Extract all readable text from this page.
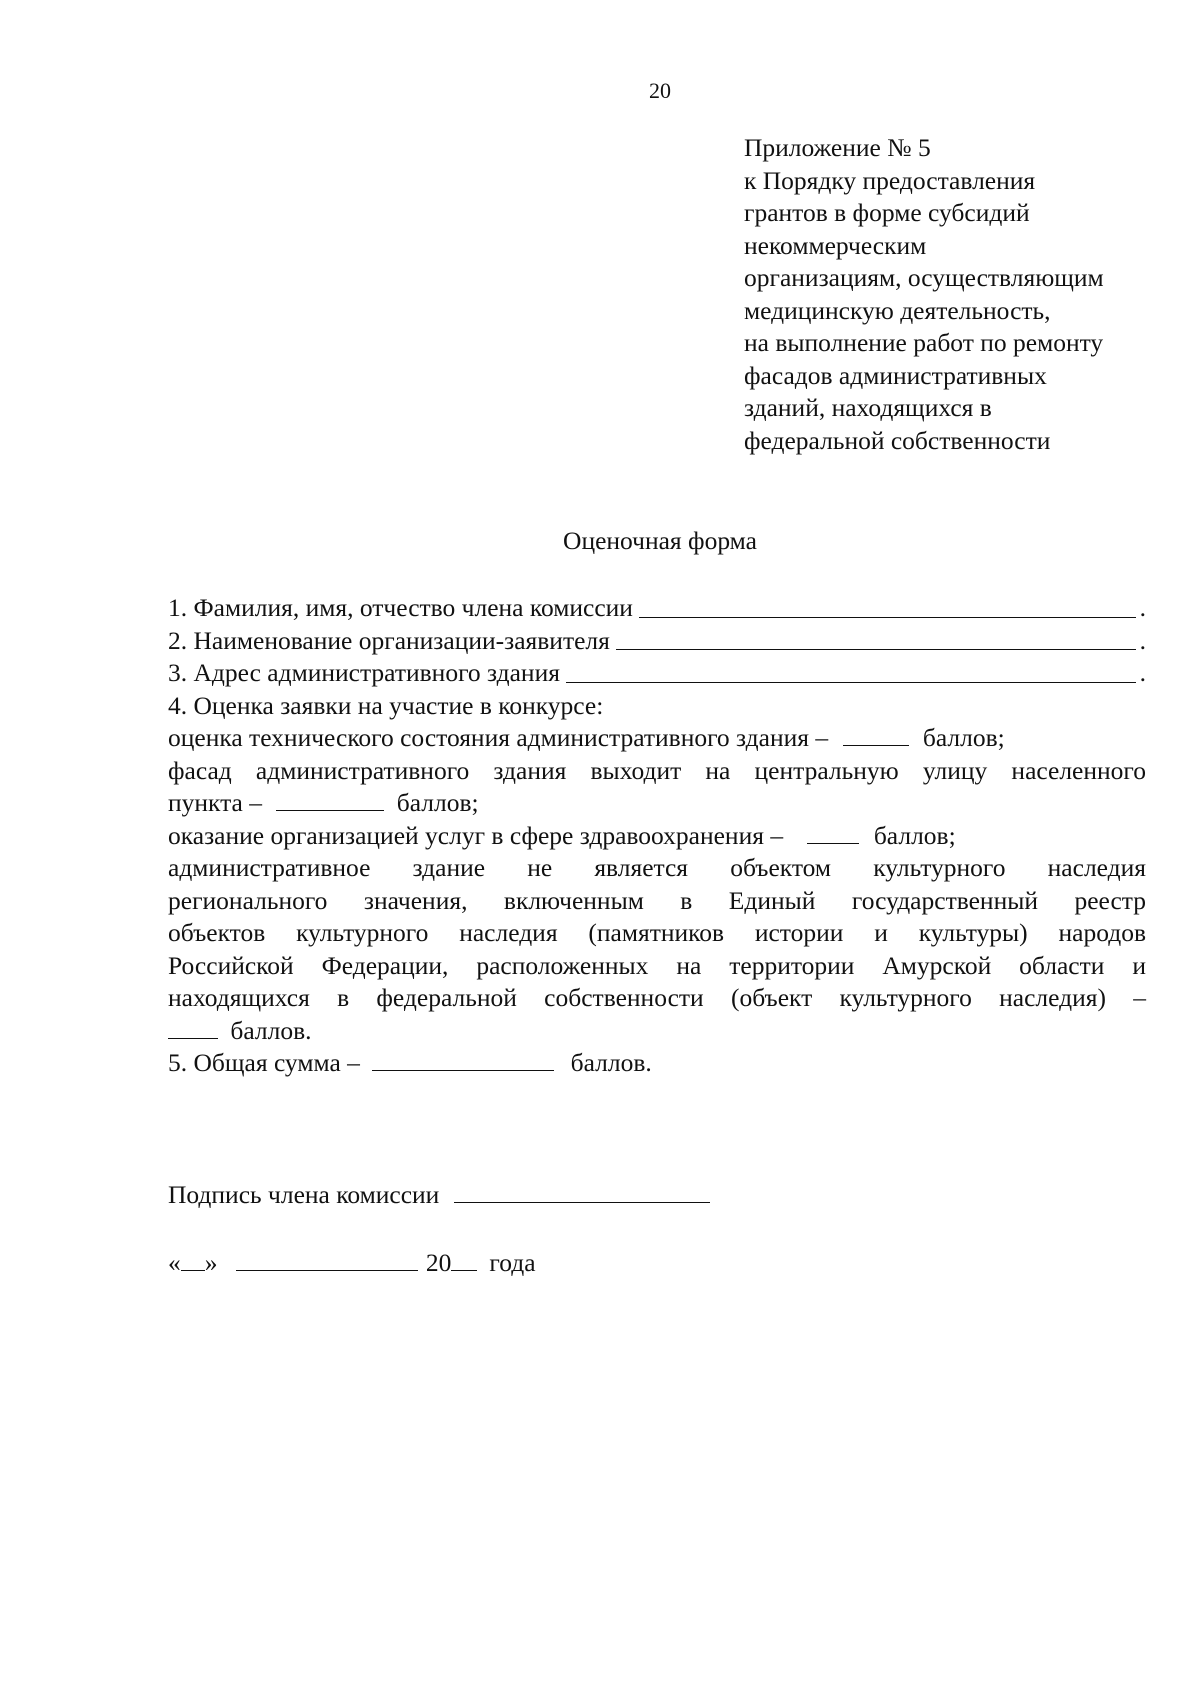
20
Приложение № 5
к Порядку предоставления
грантов в форме субсидий
некоммерческим
организациям, осуществляющим
медицинскую деятельность,
на выполнение работ по ремонту
фасадов административных
зданий, находящихся в
федеральной собственности
Оценочная форма
1. Фамилия, имя, отчество члена комиссии	.
2. Наименование организации-заявителя	.
3. Адрес административного здания	.
4. Оценка заявки на участие в конкурсе:
оценка технического состояния административного здания –	баллов;
фасад административного здания выходит на центральную улицу населенного
пункта –	баллов;
оказание организацией услуг в сфере здравоохранения –	баллов;
административное здание не является объектом культурного наследия
регионального значения, включенным в Единый государственный реестр
объектов культурного наследия (памятников истории и культуры) народов
Российской Федерации, расположенных на территории Амурской области и
находящихся в федеральной собственности (объект культурного наследия) –
баллов.
5. Общая сумма –	баллов.
Подпись члена комиссии
« »	20 года
